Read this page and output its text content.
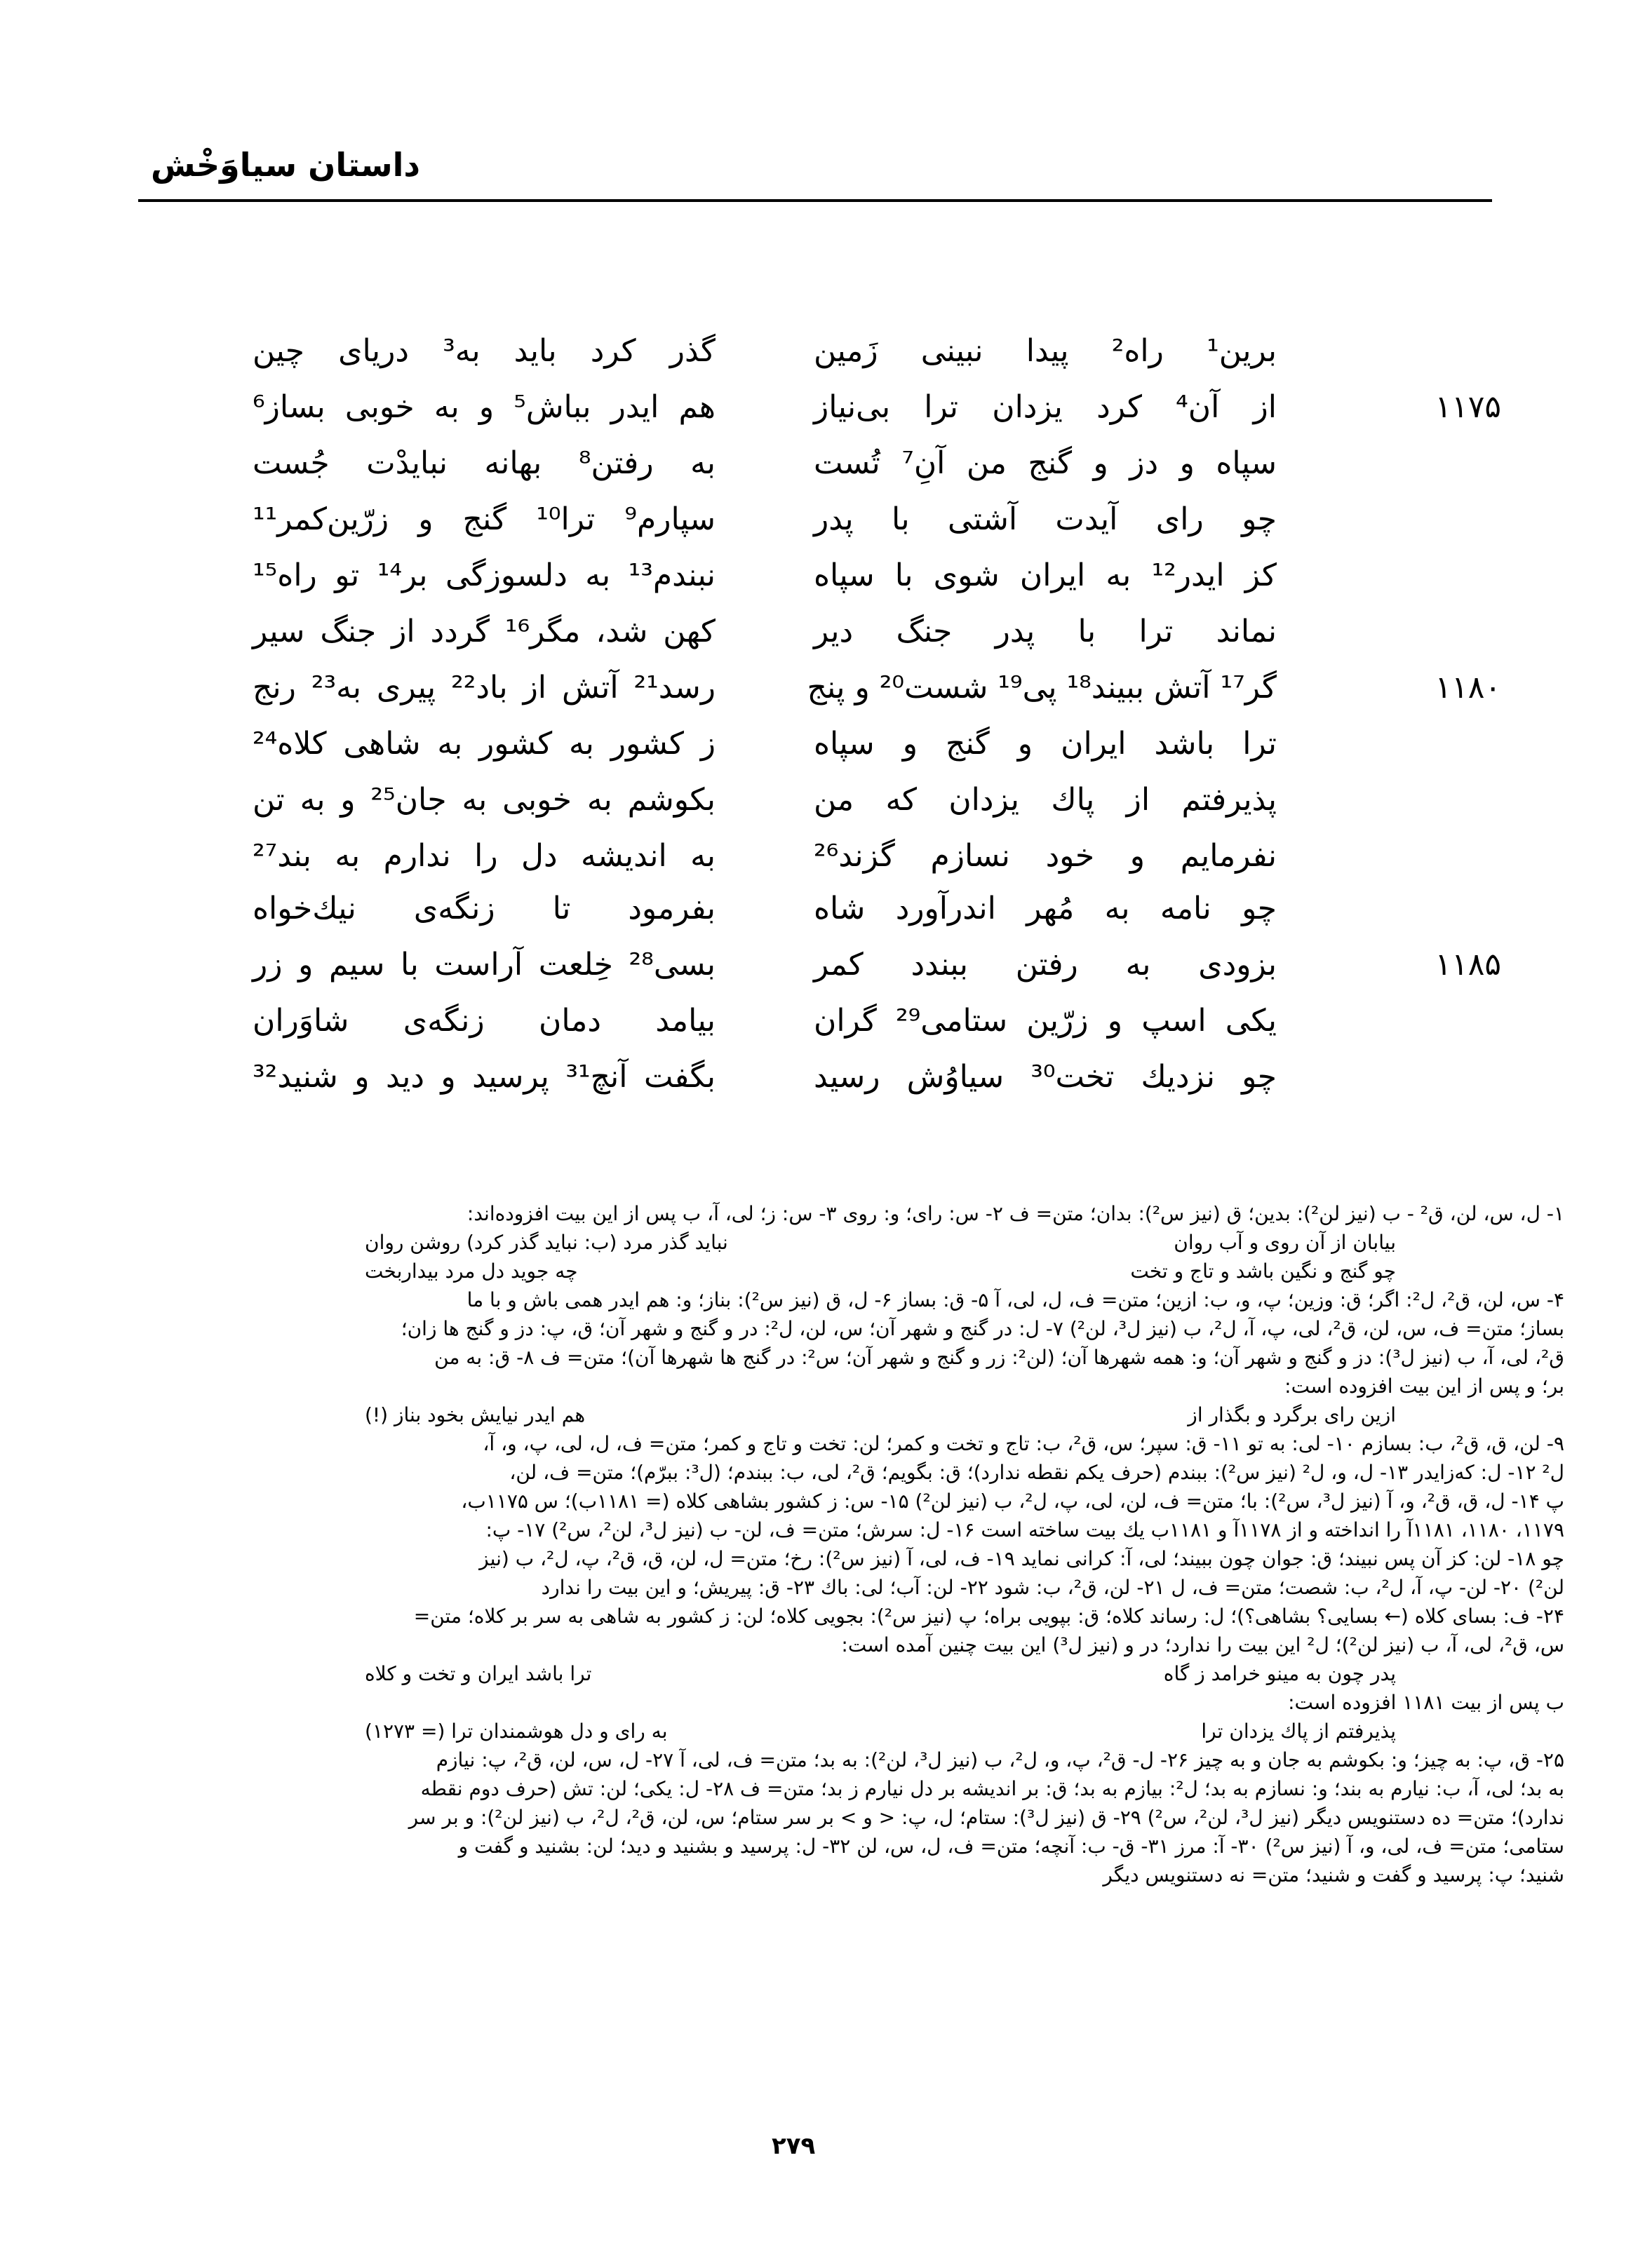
داستان سیاوَخْش
برین¹ راه² پیدا نبینی زَمین
گذر کرد باید به³ دریای چین
۱۱۷۵
از آن⁴ کرد یزدان ترا بی‌نیاز
هم ایدر بباش⁵ و به خوبی بساز⁶
سپاه و دز و گنج من آنِ⁷ تُست
به رفتن⁸ بهانه نبایدْت جُست
چو رای آیدت آشتی با پدر
سپارم⁹ ترا¹⁰ گنج و زرّین‌کمر¹¹
کز ایدر¹² به ایران شوی با سپاه
نبندم¹³ به دلسوزگی بر¹⁴ تو راه¹⁵
نماند ترا با پدر جنگ دیر
کهن شد، مگر¹⁶ گردد از جنگ سیر
۱۱۸۰
گر¹⁷ آتش ببیند¹⁸ پی¹⁹ شست²⁰ و پنج
رسد²¹ آتش از باد²² پیری به²³ رنج
ترا باشد ایران و گنج و سپاه
ز کشور به کشور به شاهی کلاه²⁴
پذیرفتم از پاك یزدان که من
بکوشم به خوبی به جان²⁵ و به تن
نفرمایم و خود نسازم گزند²⁶
به اندیشه دل را ندارم به بند²⁷
چو نامه به مُهر اندرآورد شاه
بفرمود تا زنگه‌ی نیك‌خواه
۱۱۸۵
بزودی به رفتن ببندد کمر
بسی²⁸ خِلعت آراست با سیم و زر
یکی اسپ و زرّین ستامی²⁹ گران
بیامد دمان زنگه‌ی شاوَران
چو نزدیك تخت³⁰ سیاوُش رسید
بگفت آنچ³¹ پرسید و دید و شنید³²
۱- ل، س، لن، ق² - ب (نیز لن²): بدین؛ ق (نیز س²): بدان؛ متن= ف ۲- س: رای؛ و: روی ۳- س: ز؛ لی، آ، ب پس از این بیت افزوده‌اند:
بیابان از آن روی و آب روان
نباید گذر مرد (ب: نباید گذر کرد) روشن روان
چو گنج و نگین باشد و تاج و تخت
چه جوید دل مرد بیداربخت
۴- س، لن، ق²، ل²: اگر؛ ق: وزین؛ پ، و، ب: ازین؛ متن= ف، ل، لی، آ ۵- ق: بساز ۶- ل، ق (نیز س²): بناز؛ و: هم ایدر همی باش و با ما
بساز؛ متن= ف، س، لن، ق²، لی، پ، آ، ل²، ب (نیز ل³، لن²) ۷- ل: در گنج و شهر آن؛ س، لن، ل²: در و گنج و شهر آن؛ ق، پ: دز و گنج ها زان؛
ق²، لی، آ، ب (نیز ل³): دز و گنج و شهر آن؛ و: همه شهرها آن؛ (لن²: زر و گنج و شهر آن؛ س²: در گنج ها شهرها آن)؛ متن= ف ۸- ق: به من
بر؛ و پس از این بیت افزوده است:
ازین رای برگرد و بگذار از
هم ایدر نیایش بخود بناز (!)
۹- لن، ق، ق²، ب: بسازم ۱۰- لی: به تو ۱۱- ق: سپر؛ س، ق²، ب: تاج و تخت و کمر؛ لن: تخت و تاج و کمر؛ متن= ف، ل، لی، پ، و، آ،
ل² ۱۲- ل: که‌زایدر ۱۳- ل، و، ل² (نیز س²): ببندم (حرف یکم نقطه ندارد)؛ ق: بگویم؛ ق²، لی، ب: ببندم؛ (ل³: ببرّم)؛ متن= ف، لن،
پ ۱۴- ل، ق، ق²، و، آ (نیز ل³، س²): با؛ متن= ف، لن، لی، پ، ل²، ب (نیز لن²) ۱۵- س: ز کشور بشاهی کلاه (= ۱۱۸۱ب)؛ س ۱۱۷۵ب،
۱۱۷۹، ۱۱۸۰، ۱۱۸۱آ را انداخته و از ۱۱۷۸آ و ۱۱۸۱ب یك بیت ساخته است ۱۶- ل: سرش؛ متن= ف، لن- ب (نیز ل³، لن²، س²) ۱۷- پ:
چو ۱۸- لن: کز آن پس نبیند؛ ق: جوان چون ببیند؛ لی، آ: کرانی نماید ۱۹- ف، لی، آ (نیز س²): رخ؛ متن= ل، لن، ق، ق²، پ، ل²، ب (نیز
لن²) ۲۰- لن- پ، آ، ل²، ب: شصت؛ متن= ف، ل ۲۱- لن، ق²، ب: شود ۲۲- لن: آب؛ لی: باك ۲۳- ق: پیریش؛ و این بیت را ندارد
۲۴- ف: بسای کلاه (← بسایی؟ بشاهی؟)؛ ل: رساند کلاه؛ ق: بپویی براه؛ پ (نیز س²): بجویی کلاه؛ لن: ز کشور به شاهی به سر بر کلاه؛ متن=
س، ق²، لی، آ، ب (نیز لن²)؛ ل² این بیت را ندارد؛ در و (نیز ل³) این بیت چنین آمده است:
پدر چون به مینو خرامد ز گاه
ترا باشد ایران و تخت و کلاه
ب پس از بیت ۱۱۸۱ افزوده است:
پذیرفتم از پاك یزدان ترا
به رای و دل هوشمندان ترا (= ۱۲۷۳)
۲۵- ق، پ: به چیز؛ و: بکوشم به جان و به چیز ۲۶- ل- ق²، پ، و، ل²، ب (نیز ل³، لن²): به بد؛ متن= ف، لی، آ ۲۷- ل، س، لن، ق²، پ: نیازم
به بد؛ لی، آ، ب: نیارم به بند؛ و: نسازم به بد؛ ل²: بیازم به بد؛ ق: بر اندیشه بر دل نیارم ز بد؛ متن= ف ۲۸- ل: یکی؛ لن: تش (حرف دوم نقطه
ندارد)؛ متن= ده دستنویس دیگر (نیز ل³، لن²، س²) ۲۹- ق (نیز ل³): ستام؛ ل، پ: < و > بر سر ستام؛ س، لن، ق²، ل²، ب (نیز لن²): و بر سر
ستامی؛ متن= ف، لی، و، آ (نیز س²) ۳۰- آ: مرز ۳۱- ق- ب: آنچه؛ متن= ف، ل، س، لن ۳۲- ل: پرسید و بشنید و دید؛ لن: بشنید و گفت و
شنید؛ پ: پرسید و گفت و شنید؛ متن= نه دستنویس دیگر
۲۷۹
